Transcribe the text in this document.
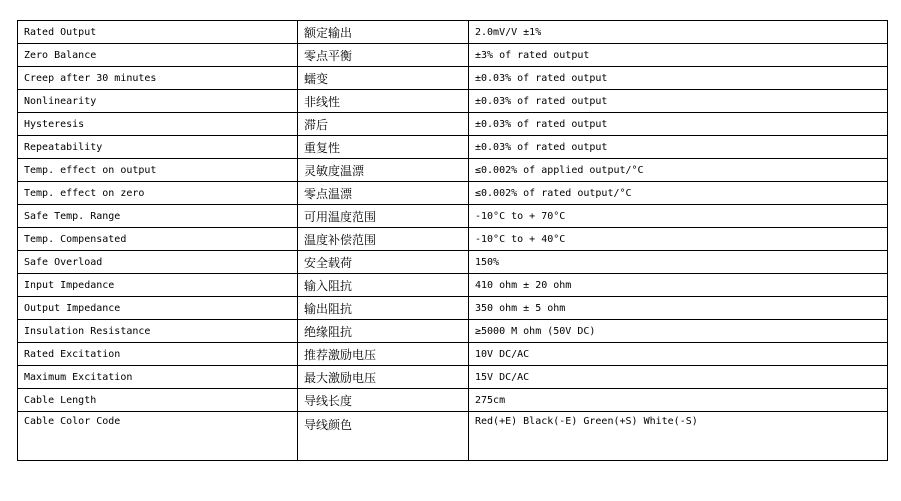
Rated Output	额定输出	2.0mV/V ±1%
Zero Balance	零点平衡	±3% of rated output
Creep after 30 minutes	蠕变	±0.03% of rated output
Nonlinearity	非线性	±0.03% of rated output
Hysteresis	滞后	±0.03% of rated output
Repeatability	重复性	±0.03% of rated output
Temp. effect on output	灵敏度温漂	≤0.002% of applied output/°C
Temp. effect on zero	零点温漂	≤0.002% of rated output/°C
Safe Temp. Range	可用温度范围	-10°C to + 70°C
Temp. Compensated	温度补偿范围	-10°C to + 40°C
Safe Overload	安全载荷	150%
Input Impedance	输入阻抗	410 ohm ± 20 ohm
Output Impedance	输出阻抗	350 ohm ± 5 ohm
Insulation Resistance	绝缘阻抗	≥5000 M ohm (50V DC)
Rated Excitation	推荐激励电压	10V DC/AC
Maximum Excitation	最大激励电压	15V DC/AC
Cable Length	导线长度	275cm
Cable Color Code	导线颜色	Red(+E) Black(-E) Green(+S) White(-S)
